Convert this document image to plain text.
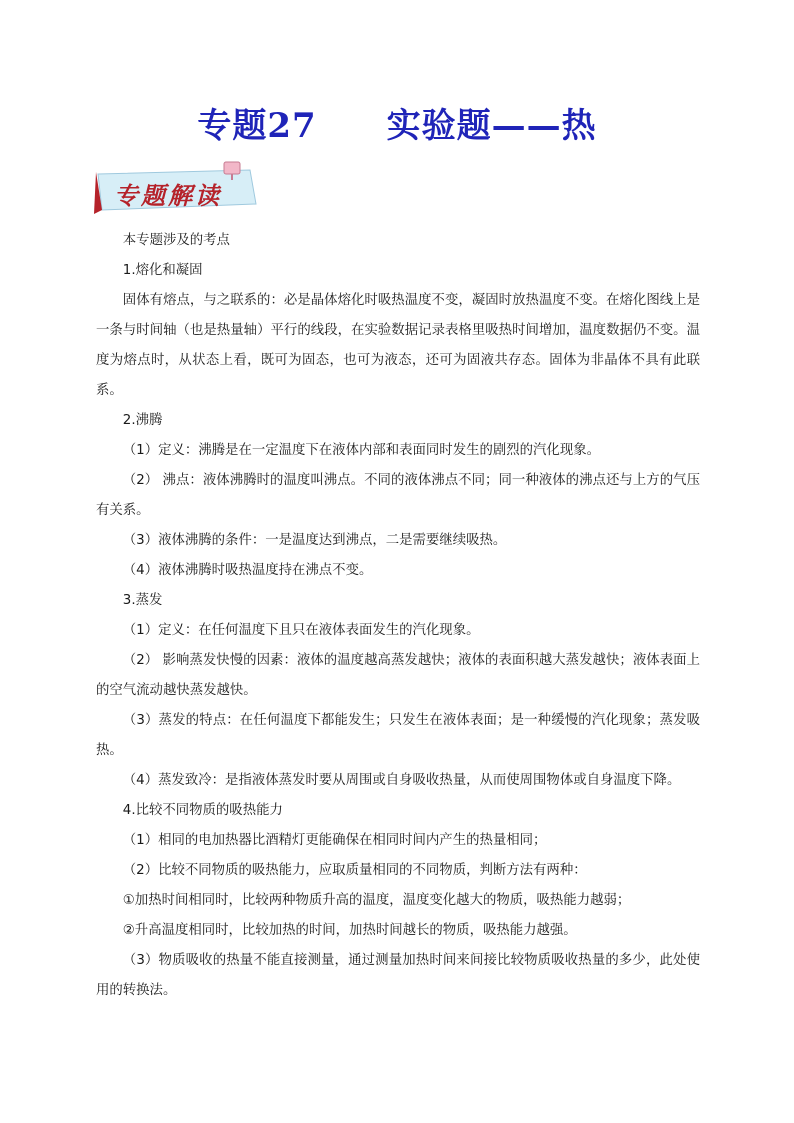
专题27　　实验题——热
专题解读

本专题涉及的考点

1.熔化和凝固

固体有熔点，与之联系的：必是晶体熔化时吸热温度不变，凝固时放热温度不变。在熔化图线上是一条与时间轴（也是热量轴）平行的线段，在实验数据记录表格里吸热时间增加，温度数据仍不变。温度为熔点时，从状态上看，既可为固态，也可为液态，还可为固液共存态。固体为非晶体不具有此联系。

2.沸腾

（1）定义：沸腾是在一定温度下在液体内部和表面同时发生的剧烈的汽化现象。

（2） 沸点：液体沸腾时的温度叫沸点。不同的液体沸点不同；同一种液体的沸点还与上方的气压有关系。

（3）液体沸腾的条件：一是温度达到沸点，二是需要继续吸热。

（4）液体沸腾时吸热温度持在沸点不变。

3.蒸发

（1）定义：在任何温度下且只在液体表面发生的汽化现象。

（2） 影响蒸发快慢的因素：液体的温度越高蒸发越快；液体的表面积越大蒸发越快；液体表面上的空气流动越快蒸发越快。

（3）蒸发的特点：在任何温度下都能发生；只发生在液体表面；是一种缓慢的汽化现象；蒸发吸热。

（4）蒸发致冷：是指液体蒸发时要从周围或自身吸收热量，从而使周围物体或自身温度下降。

4.比较不同物质的吸热能力

（1）相同的电加热器比酒精灯更能确保在相同时间内产生的热量相同；

（2）比较不同物质的吸热能力，应取质量相同的不同物质，判断方法有两种：

①加热时间相同时，比较两种物质升高的温度，温度变化越大的物质，吸热能力越弱；

②升高温度相同时，比较加热的时间，加热时间越长的物质，吸热能力越强。

（3）物质吸收的热量不能直接测量，通过测量加热时间来间接比较物质吸收热量的多少，此处使用的转换法。
